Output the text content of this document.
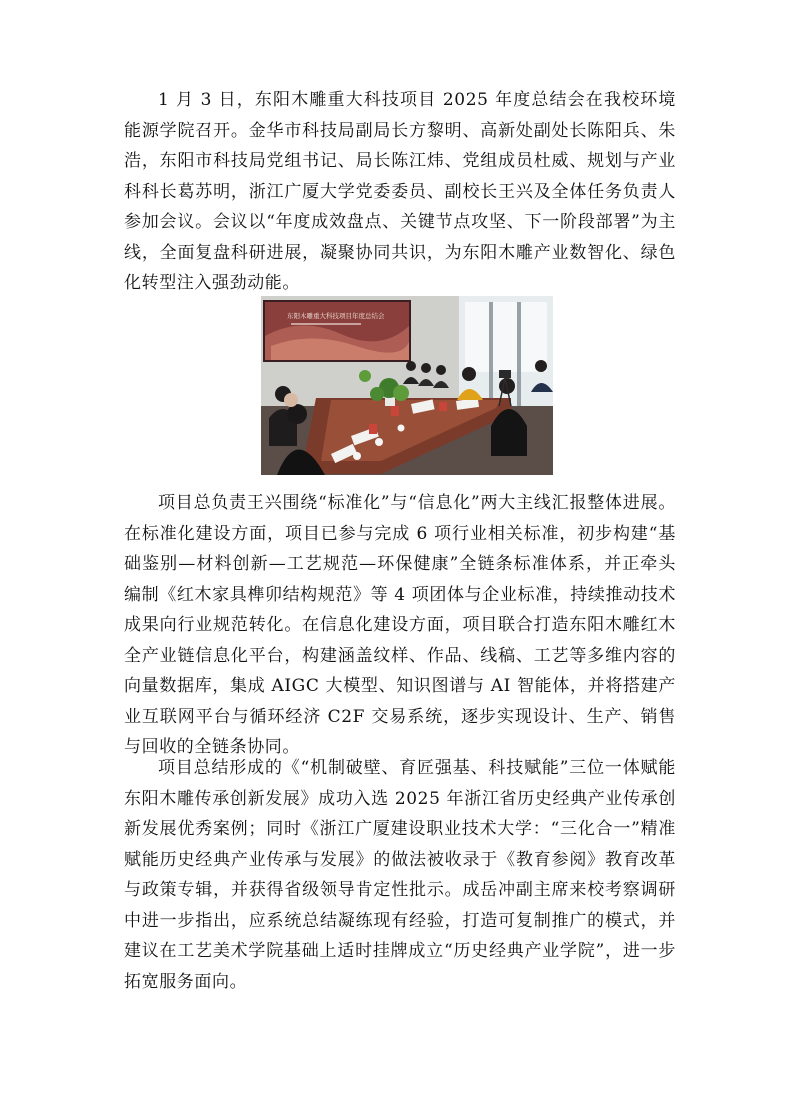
1 月 3 日，东阳木雕重大科技项目 2025 年度总结会在我校环境能源学院召开。金华市科技局副局长方黎明、高新处副处长陈阳兵、朱浩，东阳市科技局党组书记、局长陈江炜、党组成员杜威、规划与产业科科长葛苏明，浙江广厦大学党委委员、副校长王兴及全体任务负责人参加会议。会议以“年度成效盘点、关键节点攻坚、下一阶段部署”为主线，全面复盘科研进展，凝聚协同共识，为东阳木雕产业数智化、绿色化转型注入强劲动能。

东阳木雕重大科技项目年度总结会

项目总负责王兴围绕“标准化”与“信息化”两大主线汇报整体进展。在标准化建设方面，项目已参与完成 6 项行业相关标准，初步构建“基础鉴别—材料创新—工艺规范—环保健康”全链条标准体系，并正牵头编制《红木家具榫卯结构规范》等 4 项团体与企业标准，持续推动技术成果向行业规范转化。在信息化建设方面，项目联合打造东阳木雕红木全产业链信息化平台，构建涵盖纹样、作品、线稿、工艺等多维内容的向量数据库，集成 AIGC 大模型、知识图谱与 AI 智能体，并将搭建产业互联网平台与循环经济 C2F 交易系统，逐步实现设计、生产、销售与回收的全链条协同。

项目总结形成的《“机制破壁、育匠强基、科技赋能”三位一体赋能东阳木雕传承创新发展》成功入选 2025 年浙江省历史经典产业传承创新发展优秀案例；同时《浙江广厦建设职业技术大学：“三化合一”精准赋能历史经典产业传承与发展》的做法被收录于《教育参阅》教育改革与政策专辑，并获得省级领导肯定性批示。成岳冲副主席来校考察调研中进一步指出，应系统总结凝练现有经验，打造可复制推广的模式，并建议在工艺美术学院基础上适时挂牌成立“历史经典产业学院”，进一步拓宽服务面向。
